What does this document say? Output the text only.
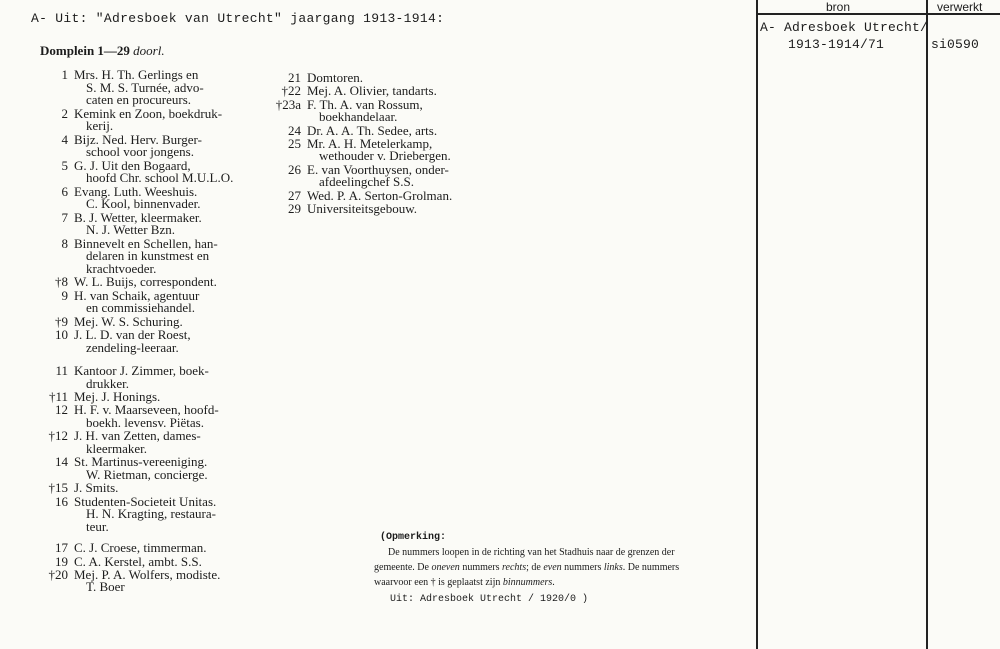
A- Uit: "Adresboek van Utrecht" jaargang 1913-1914:
Domplein 1—29 doorl.
1 Mrs. H. Th. Gerlings en
S. M. S. Turnée, advo-
caten en procureurs.
2 Kemink en Zoon, boekdruk-
kerij.
4 Bijz. Ned. Herv. Burger-
school voor jongens.
5 G. J. Uit den Bogaard,
hoofd Chr. school M.U.L.O.
6 Evang. Luth. Weeshuis.
C. Kool, binnenvader.
7 B. J. Wetter, kleermaker.
N. J. Wetter Bzn.
8 Binnevelt en Schellen, han-
delaren in kunstmest en
krachtvoeder.
†8 W. L. Buijs, correspondent.
9 H. van Schaik, agentuur
en commissiehandel.
†9 Mej. W. S. Schuring.
10 J. L. D. van der Roest,
zendeling-leeraar.
11 Kantoor J. Zimmer, boek-
drukker.
†11 Mej. J. Honings.
12 H. F. v. Maarseveen, hoofd-
boekh. levensv. Piëtas.
†12 J. H. van Zetten, dames-
kleermaker.
14 St. Martinus-vereeniging.
W. Rietman, concierge.
†15 J. Smits.
16 Studenten-Societeit Unitas.
H. N. Kragting, restaura-
teur.
17 C. J. Croese, timmerman.
19 C. A. Kerstel, ambt. S.S.
†20 Mej. P. A. Wolfers, modiste.
T. Boer
21 Domtoren.
†22 Mej. A. Olivier, tandarts.
†23a F. Th. A. van Rossum,
boekhandelaar.
24 Dr. A. A. Th. Sedee, arts.
25 Mr. A. H. Metelerkamp,
wethouder v. Driebergen.
26 E. van Voorthuysen, onder-
afdeelingchef S.S.
27 Wed. P. A. Serton-Grolman.
29 Universiteitsgebouw.
(Opmerking:
De nummers loopen in de richting van het Stadhuis naar de grenzen der
gemeente. De oneven nummers rechts; de even nummers links. De nummers
waarvoor een † is geplaatst zijn binnummers.
Uit: Adresboek Utrecht / 1920/0 )
bron	verwerkt
A- Adresboek Utrecht/
1913-1914/71	si0590
